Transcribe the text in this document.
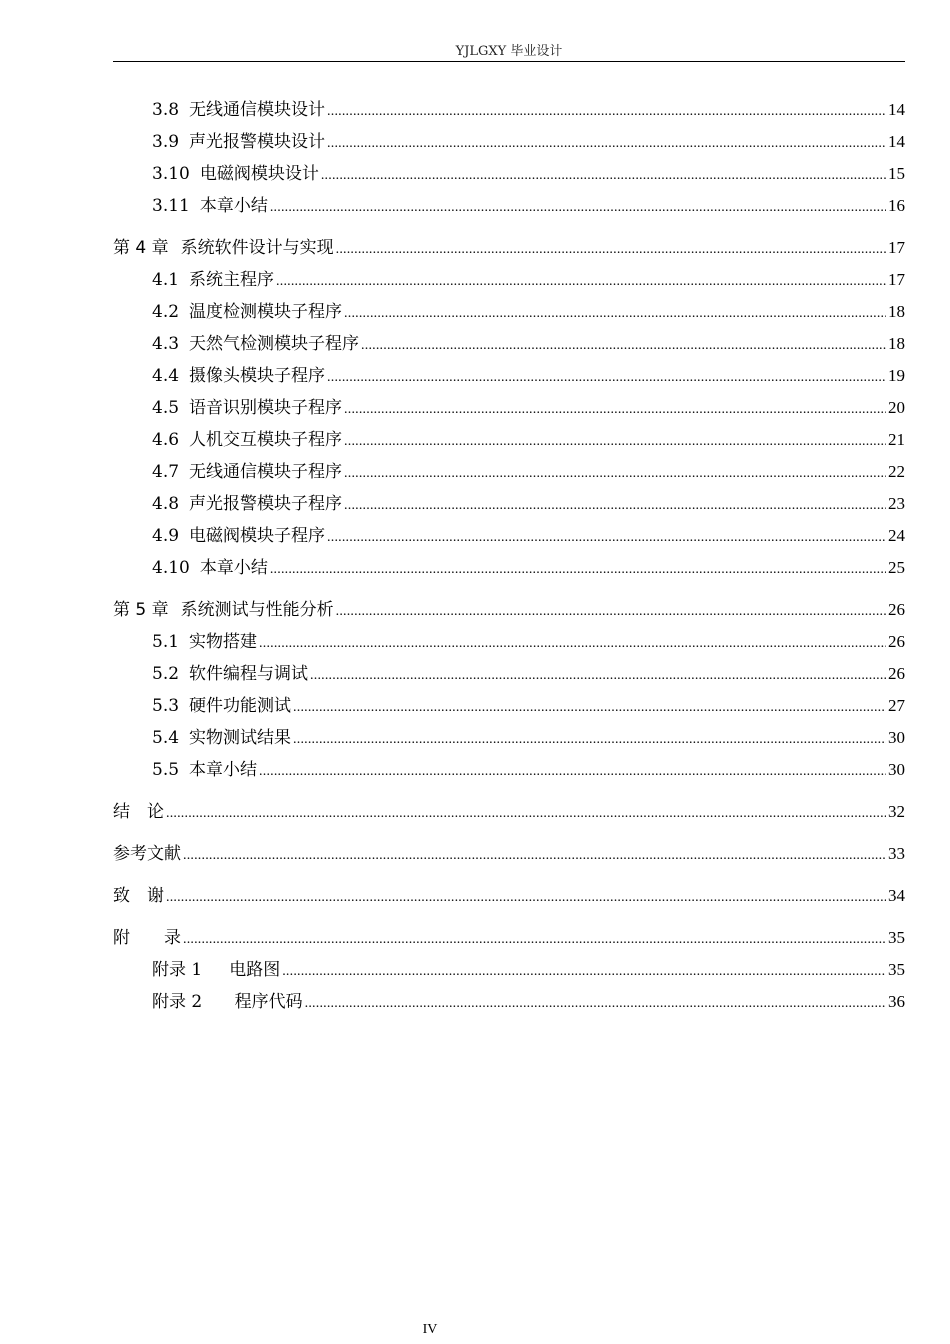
YJLGXY 毕业设计
3.8 无线通信模块设计 .....	14
3.9 声光报警模块设计 .....	14
3.10 电磁阀模块设计 .....	15
3.11 本章小结 .....	16
第 4 章 系统软件设计与实现 .....	17
4.1 系统主程序 .....	17
4.2 温度检测模块子程序 .....	18
4.3 天然气检测模块子程序 .....	18
4.4 摄像头模块子程序 .....	19
4.5 语音识别模块子程序 .....	20
4.6 人机交互模块子程序 .....	21
4.7 无线通信模块子程序 .....	22
4.8 声光报警模块子程序 .....	23
4.9 电磁阀模块子程序 .....	24
4.10 本章小结 .....	25
第 5 章 系统测试与性能分析 .....	26
5.1 实物搭建 .....	26
5.2 软件编程与调试 .....	26
5.3 硬件功能测试 .....	27
5.4 实物测试结果 .....	30
5.5 本章小结 .....	30
结　论 .....	32
参考文献 .....	33
致　谢 .....	34
附　　录 .....	35
附录 1 　电路图 .....	35
附录 2 　 程序代码 .....	36
IV
